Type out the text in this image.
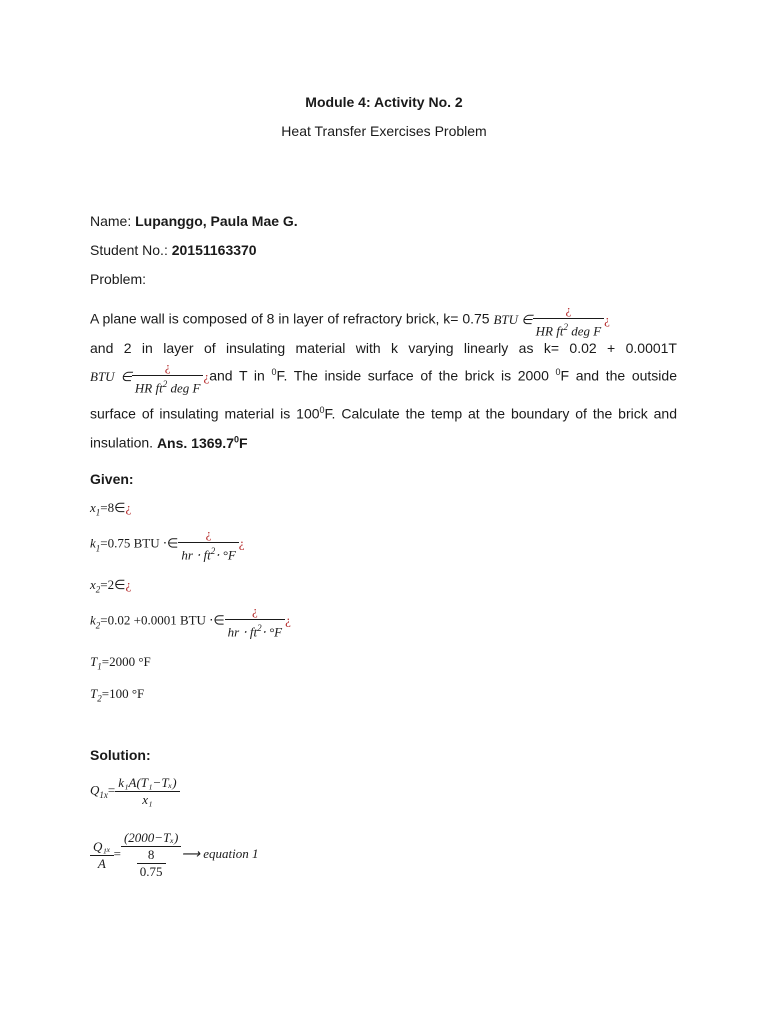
Module 4: Activity No. 2
Heat Transfer Exercises Problem
Name: Lupanggo, Paula Mae G.
Student No.: 20151163370
Problem:
A plane wall is composed of 8 in layer of refractory brick, k= 0.75 BTU ∈ $\frac{¿}{HR ft^2 deg F}$ ¿
and 2 in layer of insulating material with k varying linearly as k= 0.02 + 0.0001T
BTU ∈ $\frac{¿}{HR ft^2 deg F}$ ¿and T in $^0$F. The inside surface of the brick is 2000 $^0$F and the outside surface of insulating material is $100^0F$. Calculate the temp at the boundary of the brick and insulation. Ans. 1369.7$^0$F
Given:
$x_1=8\in¿$
$k_1=0.75$ BTU ⋅∈ $\frac{¿}{hr \cdot ft^2\cdot ^\circ F}$ ¿
$x_2=2\in¿$
$k_2=0.02 +0.0001$ BTU ⋅∈ $\frac{¿}{hr \cdot ft^2\cdot ^\circ F}$ ¿
$T_1=2000$ °F
$T_2=100$ °F
Solution:
$Q_{1x}= \frac{\text{k₁A(T₁−Tₓ)}}{\text{x₁}}$
$\frac{\text{Q₁ₓ}}{A} = \frac{\text{(2000−Tₓ)}}{\frac{8}{0.75}}$ ⟶ equation 1
